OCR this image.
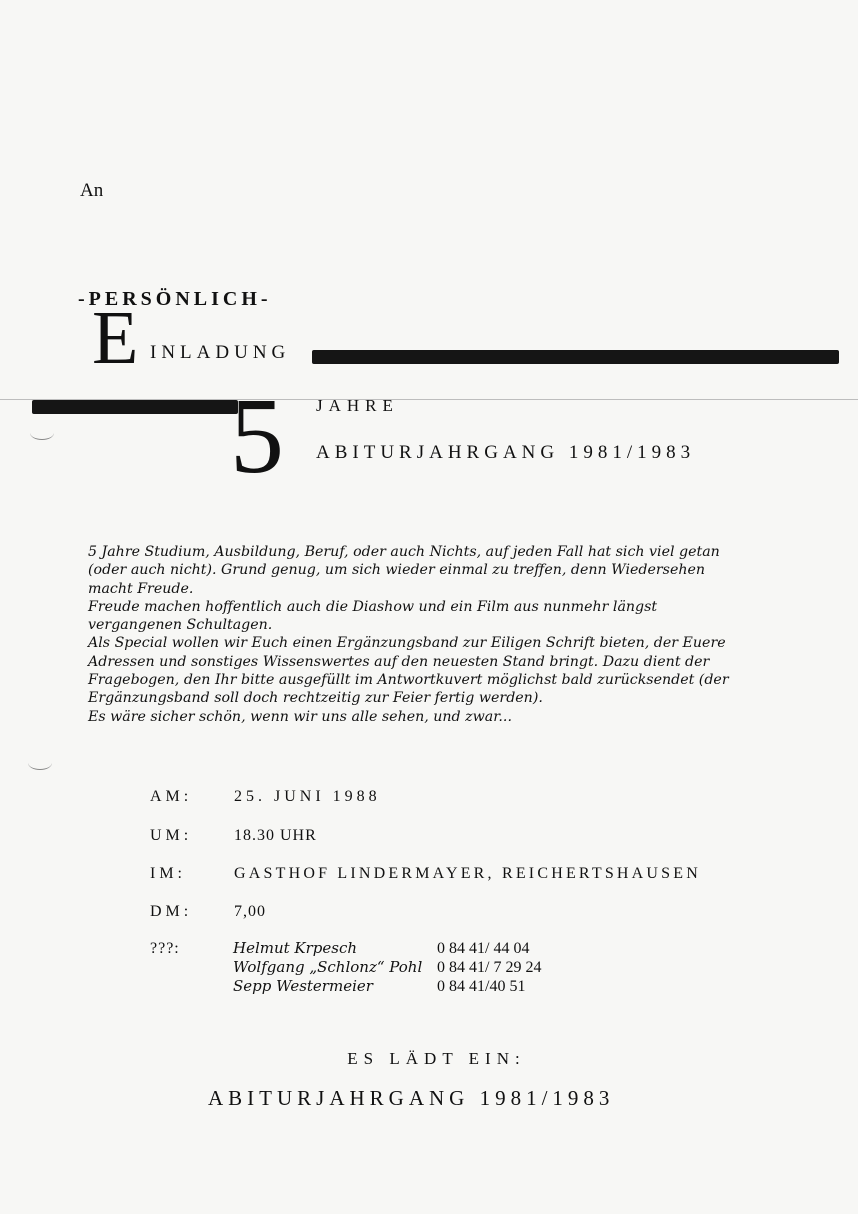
An
-PERSÖNLICH-
E INLADUNG
5 JAHRE
ABITURJAHRGANG 1981/1983

5 Jahre Studium, Ausbildung, Beruf, oder auch Nichts, auf jeden Fall hat sich viel getan

(oder auch nicht). Grund genug, um sich wieder einmal zu treffen, denn Wiedersehen

macht Freude.

Freude machen hoffentlich auch die Diashow und ein Film aus nunmehr längst

vergangenen Schultagen.

Als Special wollen wir Euch einen Ergänzungsband zur Eiligen Schrift bieten, der Euere

Adressen und sonstiges Wissenswertes auf den neuesten Stand bringt. Dazu dient der

Fragebogen, den Ihr bitte ausgefüllt im Antwortkuvert möglichst bald zurücksendet (der

Ergänzungsband soll doch rechtzeitig zur Feier fertig werden).

Es wäre sicher schön, wenn wir uns alle sehen, und zwar...

AM:	25. JUNI 1988
UM:	18.30 UHR
IM:	GASTHOF LINDERMAYER, REICHERTSHAUSEN
DM:	7,00
???:	Helmut Krpesch	0 84 41/ 44 04
Wolfgang „Schlonz“ Pohl 0 84 41/ 7 29 24
Sepp Westermeier	0 84 41/40 51
ES LÄDT EIN:
ABITURJAHRGANG 1981/1983
